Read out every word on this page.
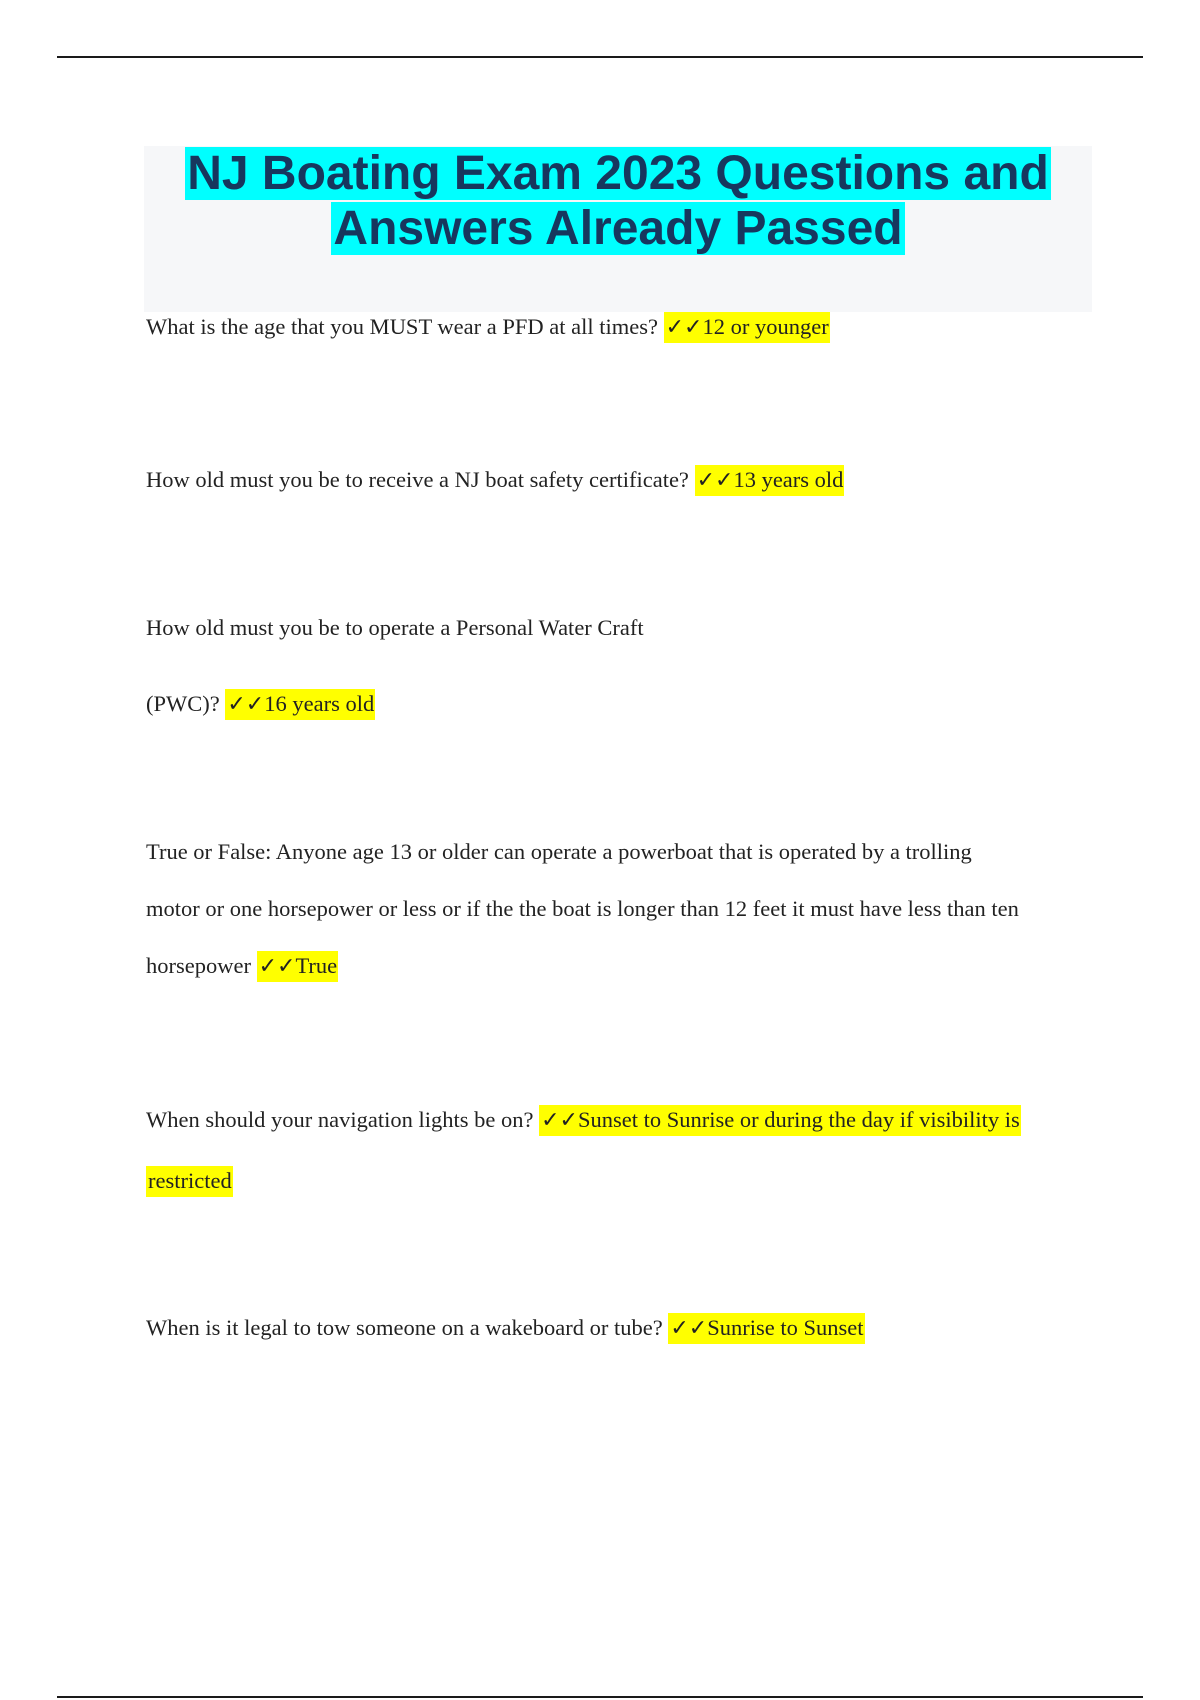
NJ Boating Exam 2023 Questions and
Answers Already Passed
What is the age that you MUST wear a PFD at all times? ✓✓12 or younger
How old must you be to receive a NJ boat safety certificate? ✓✓13 years old
How old must you be to operate a Personal Water Craft
(PWC)? ✓✓16 years old
True or False: Anyone age 13 or older can operate a powerboat that is operated by a trolling
motor or one horsepower or less or if the the boat is longer than 12 feet it must have less than ten
horsepower ✓✓True
When should your navigation lights be on? ✓✓Sunset to Sunrise or during the day if visibility is
restricted
When is it legal to tow someone on a wakeboard or tube? ✓✓Sunrise to Sunset
